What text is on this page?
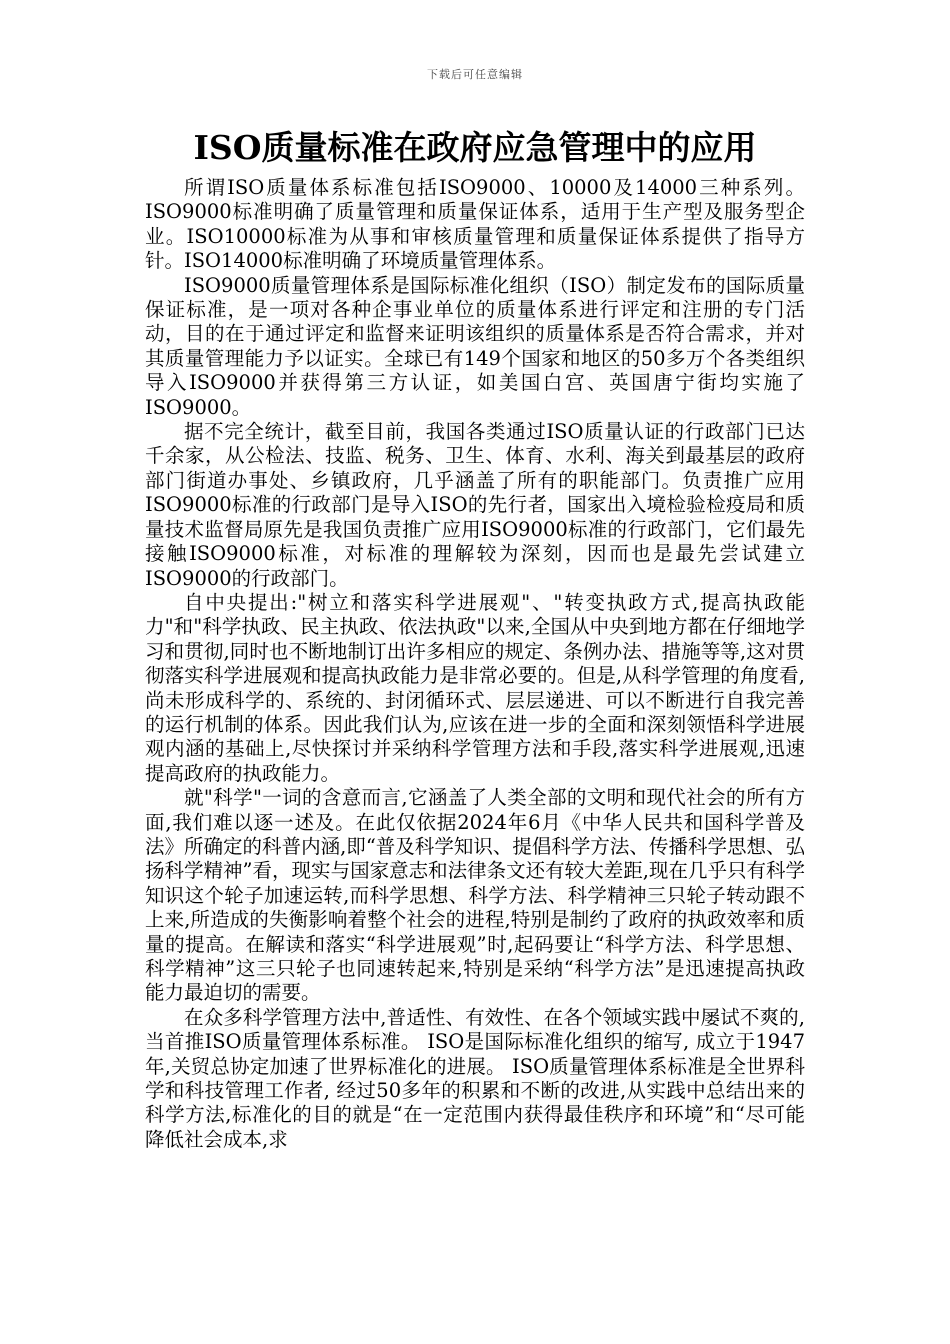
下载后可任意编辑
ISO质量标准在政府应急管理中的应用

所谓ISO质量体系标准包括ISO9000、10000及14000三种系列。ISO9000标准明确了质量管理和质量保证体系，适用于生产型及服务型企业。ISO10000标准为从事和审核质量管理和质量保证体系提供了指导方针。ISO14000标准明确了环境质量管理体系。

ISO9000质量管理体系是国际标准化组织（ISO）制定发布的国际质量保证标准，是一项对各种企事业单位的质量体系进行评定和注册的专门活动，目的在于通过评定和监督来证明该组织的质量体系是否符合需求，并对其质量管理能力予以证实。全球已有149个国家和地区的50多万个各类组织导入ISO9000并获得第三方认证，如美国白宫、英国唐宁街均实施了ISO9000。

据不完全统计，截至目前，我国各类通过ISO质量认证的行政部门已达千余家，从公检法、技监、税务、卫生、体育、水利、海关到最基层的政府部门街道办事处、乡镇政府，几乎涵盖了所有的职能部门。负责推广应用ISO9000标准的行政部门是导入ISO的先行者，国家出入境检验检疫局和质量技术监督局原先是我国负责推广应用ISO9000标准的行政部门，它们最先接触ISO9000标准，对标准的理解较为深刻，因而也是最先尝试建立ISO9000的行政部门。

自中央提出:"树立和落实科学进展观"、"转变执政方式,提高执政能力"和"科学执政、民主执政、依法执政"以来,全国从中央到地方都在仔细地学习和贯彻,同时也不断地制订出许多相应的规定、条例办法、措施等等,这对贯彻落实科学进展观和提高执政能力是非常必要的。但是,从科学管理的角度看,尚未形成科学的、系统的、封闭循环式、层层递进、可以不断进行自我完善的运行机制的体系。因此我们认为,应该在进一步的全面和深刻领悟科学进展观内涵的基础上,尽快探讨并采纳科学管理方法和手段,落实科学进展观,迅速提高政府的执政能力。

就"科学"一词的含意而言,它涵盖了人类全部的文明和现代社会的所有方面,我们难以逐一述及。在此仅依据2024年6月《中华人民共和国科学普及法》所确定的科普内涵,即“普及科学知识、提倡科学方法、传播科学思想、弘扬科学精神”看，现实与国家意志和法律条文还有较大差距,现在几乎只有科学知识这个轮子加速运转,而科学思想、科学方法、科学精神三只轮子转动跟不上来,所造成的失衡影响着整个社会的进程,特别是制约了政府的执政效率和质量的提高。在解读和落实“科学进展观”时,起码要让“科学方法、科学思想、科学精神”这三只轮子也同速转起来,特别是采纳“科学方法”是迅速提高执政能力最迫切的需要。

在众多科学管理方法中,普适性、有效性、在各个领域实践中屡试不爽的,当首推ISO质量管理体系标准。 ISO是国际标准化组织的缩写, 成立于1947年,关贸总协定加速了世界标准化的进展。 ISO质量管理体系标准是全世界科学和科技管理工作者, 经过50多年的积累和不断的改进,从实践中总结出来的科学方法,标准化的目的就是“在一定范围内获得最佳秩序和环境”和“尽可能降低社会成本,求
